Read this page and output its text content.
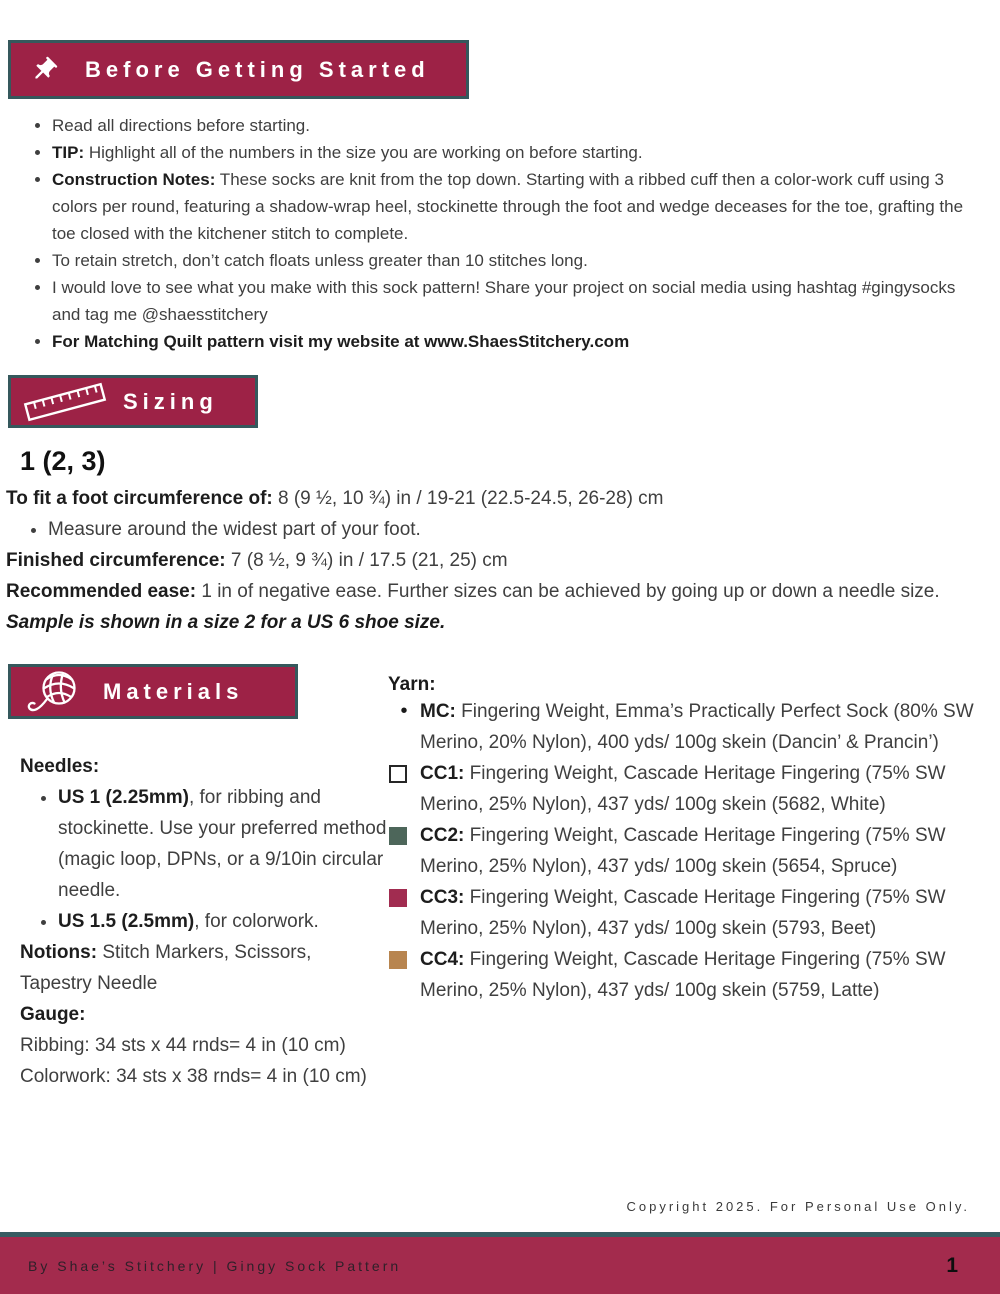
Before Getting Started
• Read all directions before starting.
• TIP: Highlight all of the numbers in the size you are working on before starting.
• Construction Notes: These socks are knit from the top down. Starting with a ribbed cuff then a color-work cuff using 3 colors per round, featuring a shadow-wrap heel, stockinette through the foot and wedge deceases for the toe, grafting the toe closed with the kitchener stitch to complete.
• To retain stretch, don’t catch floats unless greater than 10 stitches long.
• I would love to see what you make with this sock pattern! Share your project on social media using hashtag #gingysocks and tag me @shaesstitchery
• For Matching Quilt pattern visit my website at www.ShaesStitchery.com
Sizing
1 (2, 3)
To fit a foot circumference of: 8 (9 ½, 10 ¾) in / 19-21 (22.5-24.5, 26-28) cm
• Measure around the widest part of your foot.
Finished circumference: 7 (8 ½, 9 ¾) in / 17.5 (21, 25) cm
Recommended ease: 1 in of negative ease. Further sizes can be achieved by going up or down a needle size. Sample is shown in a size 2 for a US 6 shoe size.
Materials
Needles:
• US 1 (2.25mm), for ribbing and stockinette. Use your preferred method (magic loop, DPNs, or a 9/10in circular needle.
• US 1.5 (2.5mm), for colorwork.
Notions: Stitch Markers, Scissors, Tapestry Needle
Gauge:
Ribbing: 34 sts x 44 rnds= 4 in (10 cm)
Colorwork: 34 sts x 38 rnds= 4 in (10 cm)
Yarn:
• MC: Fingering Weight, Emma’s Practically Perfect Sock (80% SW Merino, 20% Nylon), 400 yds/ 100g skein (Dancin’ & Prancin’)
CC1: Fingering Weight, Cascade Heritage Fingering (75% SW Merino, 25% Nylon), 437 yds/ 100g skein (5682, White)
CC2: Fingering Weight, Cascade Heritage Fingering (75% SW Merino, 25% Nylon), 437 yds/ 100g skein (5654, Spruce)
CC3: Fingering Weight, Cascade Heritage Fingering (75% SW Merino, 25% Nylon), 437 yds/ 100g skein (5793, Beet)
CC4: Fingering Weight, Cascade Heritage Fingering (75% SW Merino, 25% Nylon), 437 yds/ 100g skein (5759, Latte)
Copyright 2025. For Personal Use Only.
By Shae’s Stitchery | Gingy Sock Pattern	1
